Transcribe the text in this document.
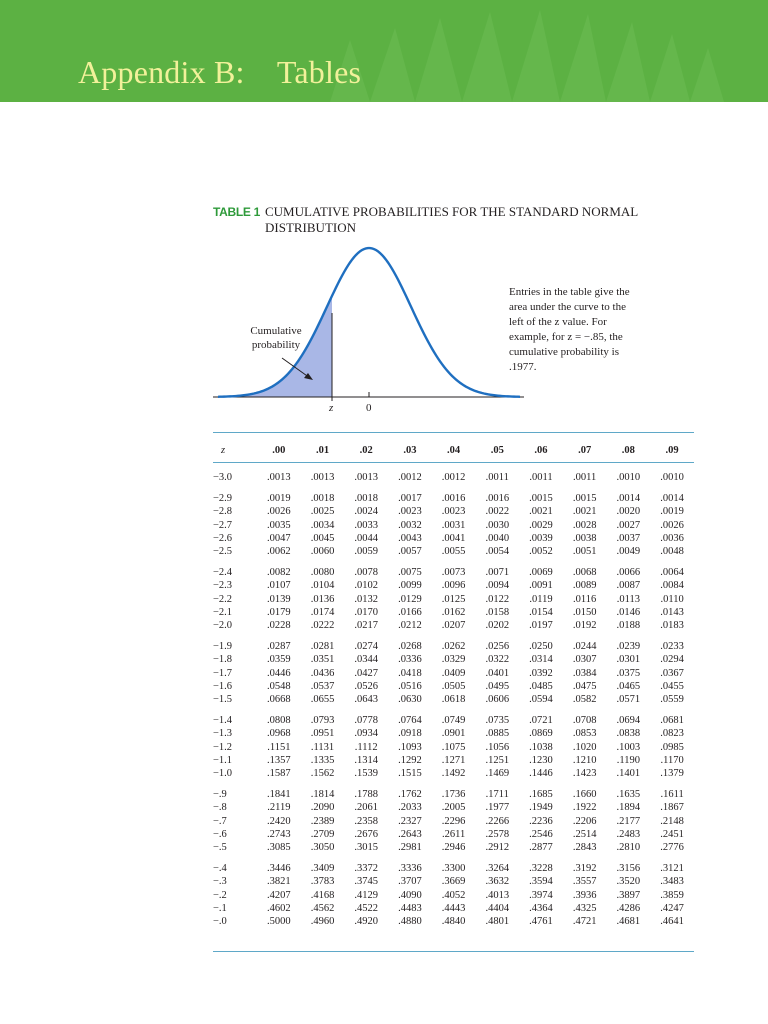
Appendix B:    Tables
TABLE 1 CUMULATIVE PROBABILITIES FOR THE STANDARD NORMAL DISTRIBUTION
Entries in the table give the area under the curve to the left of the z value. For example, for z = −.85, the cumulative probability is .1977.
Cumulative
probability
z	0
z	.00	.01	.02	.03	.04	.05	.06	.07	.08	.09

−3.0	.0013	.0013	.0013	.0012	.0012	.0011	.0011	.0011	.0010	.0010

−2.9	.0019	.0018	.0018	.0017	.0016	.0016	.0015	.0015	.0014	.0014
−2.8	.0026	.0025	.0024	.0023	.0023	.0022	.0021	.0021	.0020	.0019
−2.7	.0035	.0034	.0033	.0032	.0031	.0030	.0029	.0028	.0027	.0026
−2.6	.0047	.0045	.0044	.0043	.0041	.0040	.0039	.0038	.0037	.0036
−2.5	.0062	.0060	.0059	.0057	.0055	.0054	.0052	.0051	.0049	.0048

−2.4	.0082	.0080	.0078	.0075	.0073	.0071	.0069	.0068	.0066	.0064
−2.3	.0107	.0104	.0102	.0099	.0096	.0094	.0091	.0089	.0087	.0084
−2.2	.0139	.0136	.0132	.0129	.0125	.0122	.0119	.0116	.0113	.0110
−2.1	.0179	.0174	.0170	.0166	.0162	.0158	.0154	.0150	.0146	.0143
−2.0	.0228	.0222	.0217	.0212	.0207	.0202	.0197	.0192	.0188	.0183

−1.9	.0287	.0281	.0274	.0268	.0262	.0256	.0250	.0244	.0239	.0233
−1.8	.0359	.0351	.0344	.0336	.0329	.0322	.0314	.0307	.0301	.0294
−1.7	.0446	.0436	.0427	.0418	.0409	.0401	.0392	.0384	.0375	.0367
−1.6	.0548	.0537	.0526	.0516	.0505	.0495	.0485	.0475	.0465	.0455
−1.5	.0668	.0655	.0643	.0630	.0618	.0606	.0594	.0582	.0571	.0559

−1.4	.0808	.0793	.0778	.0764	.0749	.0735	.0721	.0708	.0694	.0681
−1.3	.0968	.0951	.0934	.0918	.0901	.0885	.0869	.0853	.0838	.0823
−1.2	.1151	.1131	.1112	.1093	.1075	.1056	.1038	.1020	.1003	.0985
−1.1	.1357	.1335	.1314	.1292	.1271	.1251	.1230	.1210	.1190	.1170
−1.0	.1587	.1562	.1539	.1515	.1492	.1469	.1446	.1423	.1401	.1379

−.9	.1841	.1814	.1788	.1762	.1736	.1711	.1685	.1660	.1635	.1611
−.8	.2119	.2090	.2061	.2033	.2005	.1977	.1949	.1922	.1894	.1867
−.7	.2420	.2389	.2358	.2327	.2296	.2266	.2236	.2206	.2177	.2148
−.6	.2743	.2709	.2676	.2643	.2611	.2578	.2546	.2514	.2483	.2451
−.5	.3085	.3050	.3015	.2981	.2946	.2912	.2877	.2843	.2810	.2776

−.4	.3446	.3409	.3372	.3336	.3300	.3264	.3228	.3192	.3156	.3121
−.3	.3821	.3783	.3745	.3707	.3669	.3632	.3594	.3557	.3520	.3483
−.2	.4207	.4168	.4129	.4090	.4052	.4013	.3974	.3936	.3897	.3859
−.1	.4602	.4562	.4522	.4483	.4443	.4404	.4364	.4325	.4286	.4247
−.0	.5000	.4960	.4920	.4880	.4840	.4801	.4761	.4721	.4681	.4641
